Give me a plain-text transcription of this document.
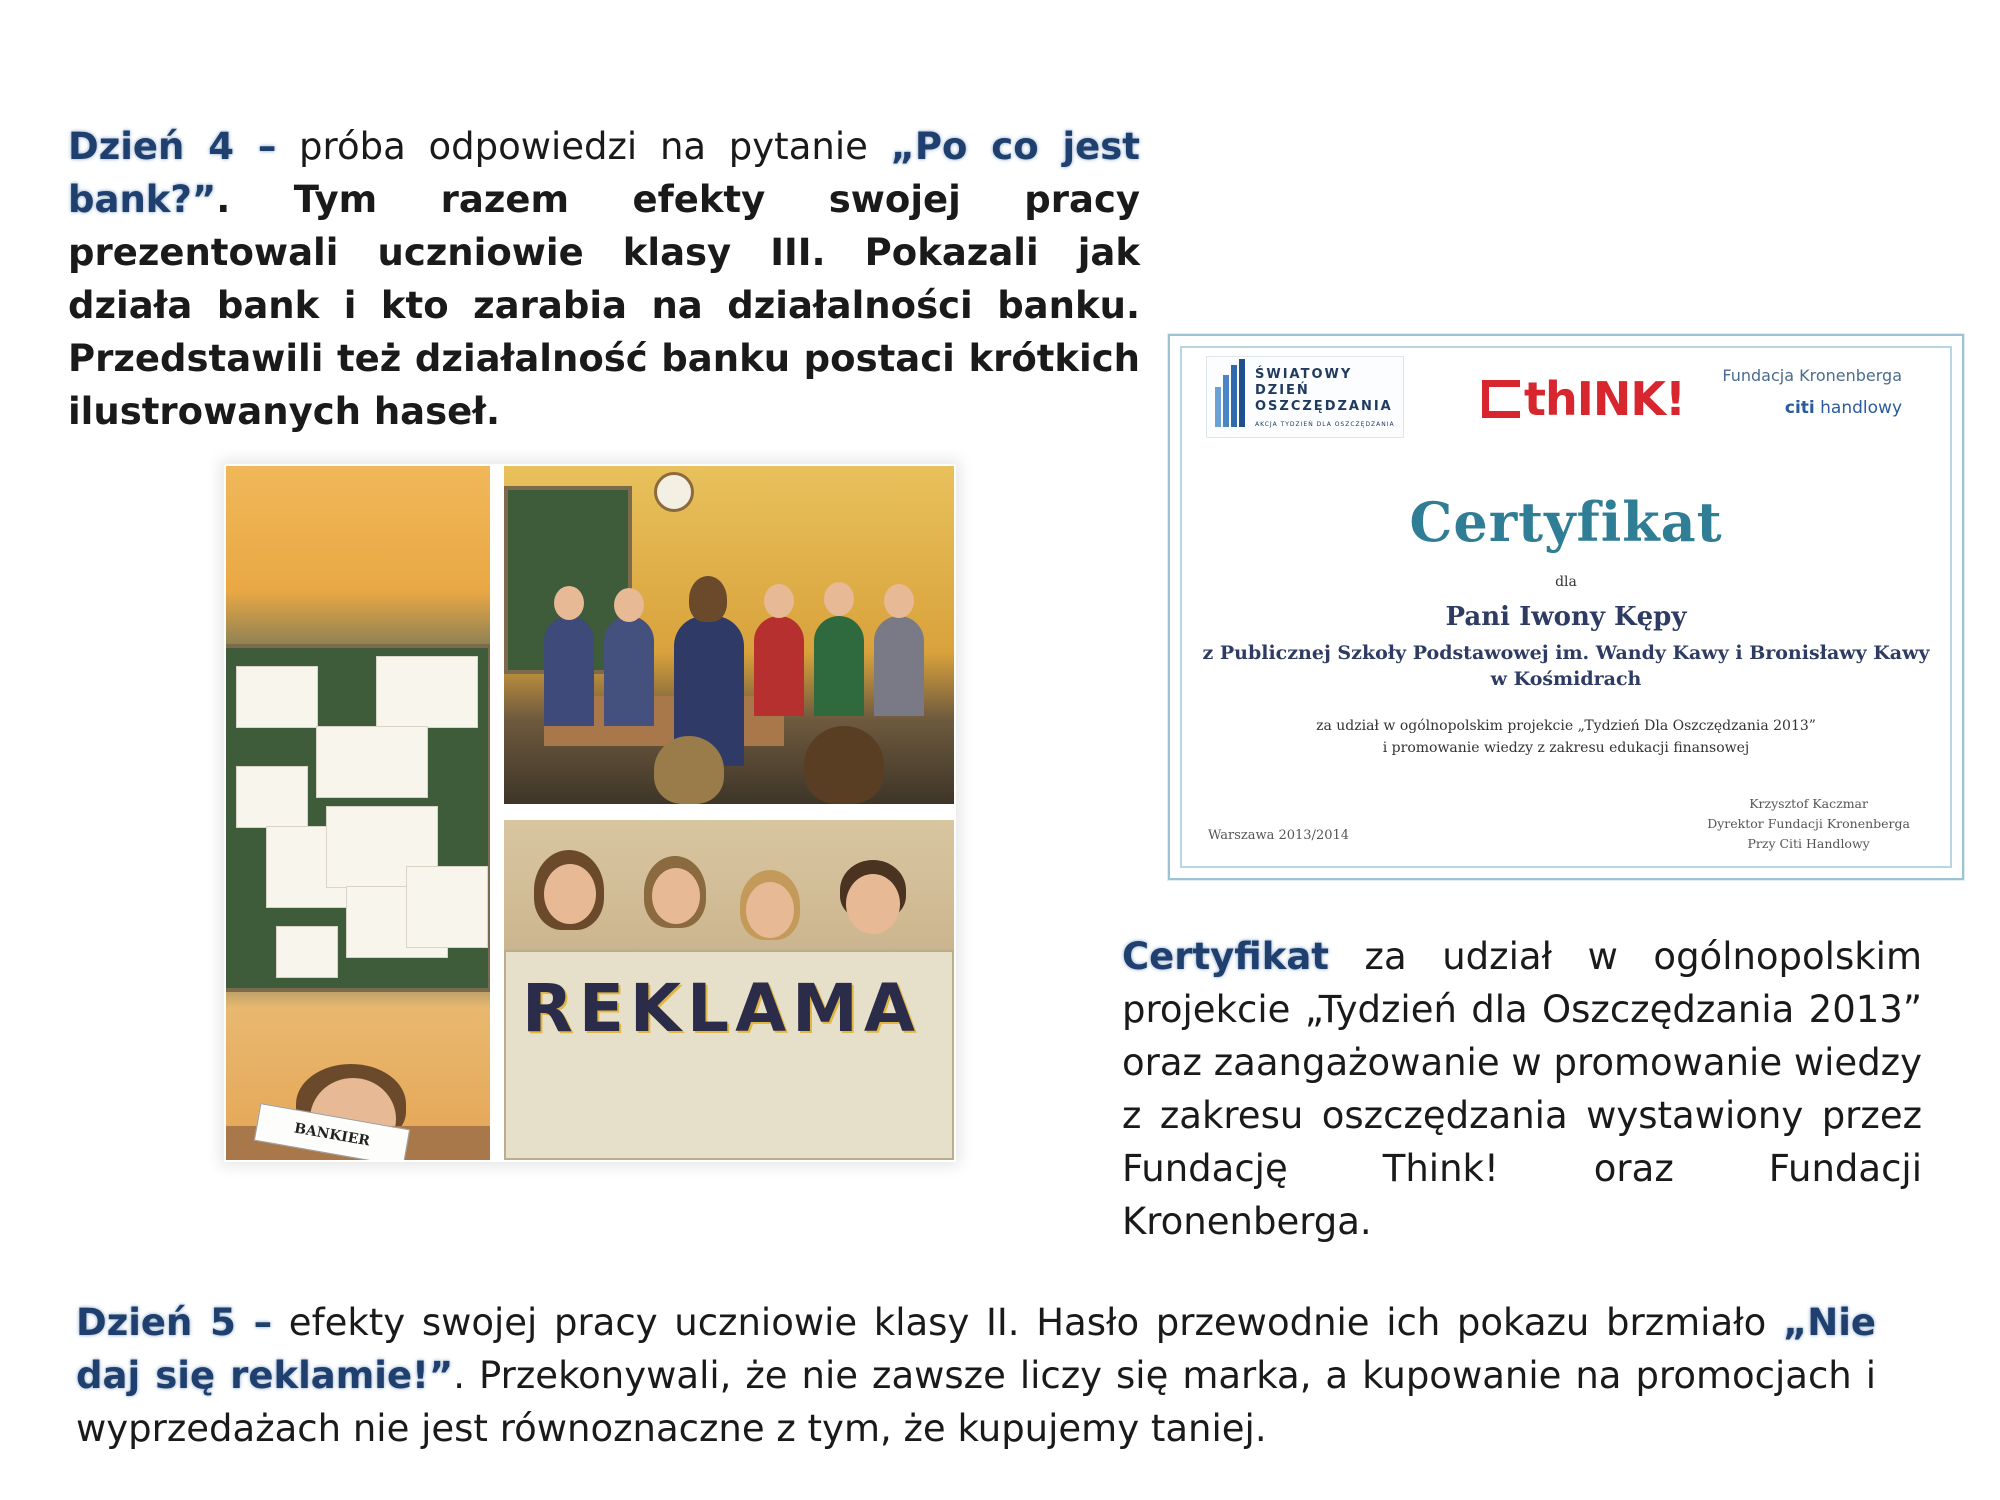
Dzień 4 – próba odpowiedzi na pytanie „Po co jest bank?”. Tym razem efekty swojej pracy prezentowali uczniowie klasy III. Pokazali jak działa bank i kto zarabia na działalności banku. Przedstawili też działalność banku postaci krótkich ilustrowanych haseł.

BANKIER
REKLAMA
ŚWIATOWY
DZIEŃ
OSZCZĘDZANIA
AKCJA TYDZIEŃ DLA OSZCZĘDZANIA	thINK! Fundacja Kronenberga
citi handlowy
Certyfikat
dla
Pani Iwony Kępy
z Publicznej Szkoły Podstawowej im. Wandy Kawy i Bronisławy Kawy
w Kośmidrach
za udział w ogólnopolskim projekcie „Tydzień Dla Oszczędzania 2013”
i promowanie wiedzy z zakresu edukacji finansowej
Warszawa 2013/2014
Krzysztof Kaczmar
Dyrektor Fundacji Kronenberga
Przy Citi Handlowy

Certyfikat za udział w ogólnopolskim projekcie „Tydzień dla Oszczędzania 2013” oraz zaangażowanie w promowanie wiedzy z zakresu oszczędzania wystawiony przez Fundację Think! oraz Fundacji Kronenberga.

Dzień 5 – efekty swojej pracy uczniowie klasy II. Hasło przewodnie ich pokazu brzmiało „Nie daj się reklamie!”. Przekonywali, że nie zawsze liczy się marka, a kupowanie na promocjach i wyprzedażach nie jest równoznaczne z tym, że kupujemy taniej.
